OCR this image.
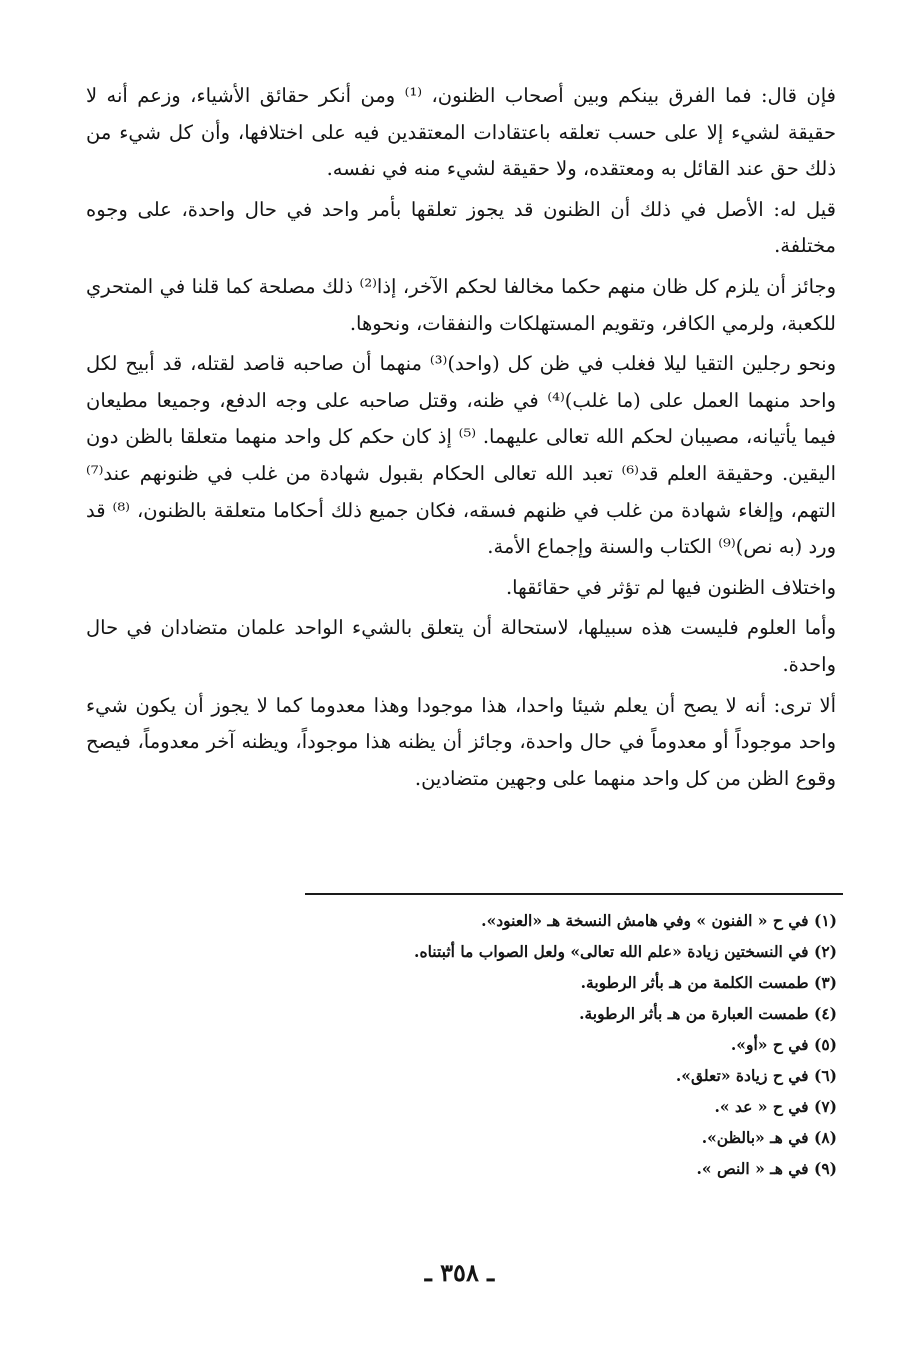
فإن قال: فما الفرق بينكم وبين أصحاب الظنون، ⁽¹⁾ ومن أنكر حقائق الأشياء، وزعم أنه لا حقيقة لشيء إلا على حسب تعلقه باعتقادات المعتقدين فيه على اختلافها، وأن كل شيء من ذلك حق عند القائل به ومعتقده، ولا حقيقة لشيء منه في نفسه.

قيل له: الأصل في ذلك أن الظنون قد يجوز تعلقها بأمر واحد في حال واحدة، على وجوه مختلفة.

وجائز أن يلزم كل ظان منهم حكما مخالفا لحكم الآخر، إذا⁽²⁾ ذلك مصلحة كما قلنا في المتحري للكعبة، ولرمي الكافر، وتقويم المستهلكات والنفقات، ونحوها.

ونحو رجلين التقيا ليلا فغلب في ظن كل (واحد)⁽³⁾ منهما أن صاحبه قاصد لقتله، قد أبيح لكل واحد منهما العمل على (ما غلب)⁽⁴⁾ في ظنه، وقتل صاحبه على وجه الدفع، وجميعا مطيعان فيما يأتيانه، مصيبان لحكم الله تعالى عليهما. ⁽⁵⁾ إذ كان حكم كل واحد منهما متعلقا بالظن دون اليقين. وحقيقة العلم قد⁽⁶⁾ تعبد الله تعالى الحكام بقبول شهادة من غلب في ظنونهم عند⁽⁷⁾ التهم، وإلغاء شهادة من غلب في ظنهم فسقه، فكان جميع ذلك أحكاما متعلقة بالظنون، ⁽⁸⁾ قد ورد (به نص)⁽⁹⁾ الكتاب والسنة وإجماع الأمة.

واختلاف الظنون فيها لم تؤثر في حقائقها.

وأما العلوم فليست هذه سبيلها، لاستحالة أن يتعلق بالشيء الواحد علمان متضادان في حال واحدة.

ألا ترى: أنه لا يصح أن يعلم شيئا واحدا، هذا موجودا وهذا معدوما كما لا يجوز أن يكون شيء واحد موجوداً أو معدوماً في حال واحدة، وجائز أن يظنه هذا موجوداً، ويظنه آخر معدوماً، فيصح وقوع الظن من كل واحد منهما على وجهين متضادين.

(١) في ح « الفنون » وفي هامش النسخة هـ «العنود».
(٢) في النسختين زيادة «علم الله تعالى» ولعل الصواب ما أثبتناه.
(٣) طمست الكلمة من هـ بأثر الرطوبة.
(٤) طمست العبارة من هـ بأثر الرطوبة.
(٥) في ح «أو».
(٦) في ح زيادة «تعلق».
(٧) في ح « عد ».
(٨) في هـ «بالظن».
(٩) في هـ « النص ».
ـ ٣٥٨ ـ
